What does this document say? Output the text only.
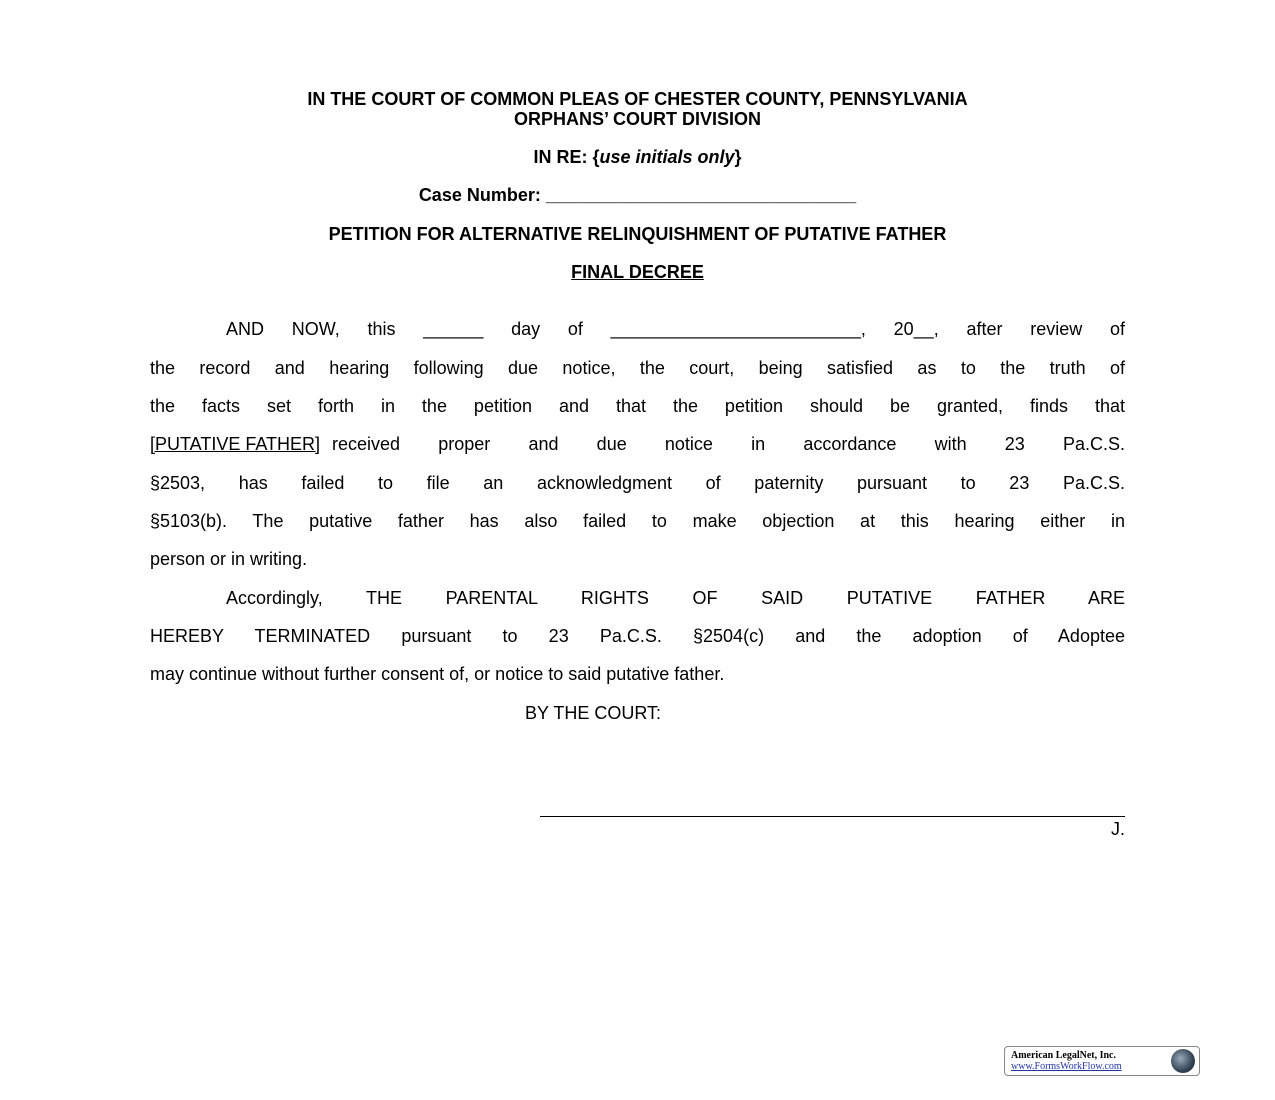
IN THE COURT OF COMMON PLEAS OF CHESTER COUNTY, PENNSYLVANIA
ORPHANS’ COURT DIVISION
IN RE: {use initials only}
Case Number: _______________________________
PETITION FOR ALTERNATIVE RELINQUISHMENT OF PUTATIVE FATHER
FINAL DECREE
AND NOW, this ______ day of _________________________, 20__, after review of
the record and hearing following due notice, the court, being satisfied as to the truth of
the facts set forth in the petition and that the petition should be granted, finds that
[PUTATIVE FATHER] received proper and due notice in accordance with 23 Pa.C.S.
§2503, has failed to file an acknowledgment of paternity pursuant to 23 Pa.C.S.
§5103(b). The putative father has also failed to make objection at this hearing either in
person or in writing.
Accordingly, THE PARENTAL RIGHTS OF SAID PUTATIVE FATHER ARE
HEREBY TERMINATED pursuant to 23 Pa.C.S. §2504(c) and the adoption of Adoptee
may continue without further consent of, or notice to said putative father.
BY THE COURT:
J.
American LegalNet, Inc.
www.FormsWorkFlow.com
